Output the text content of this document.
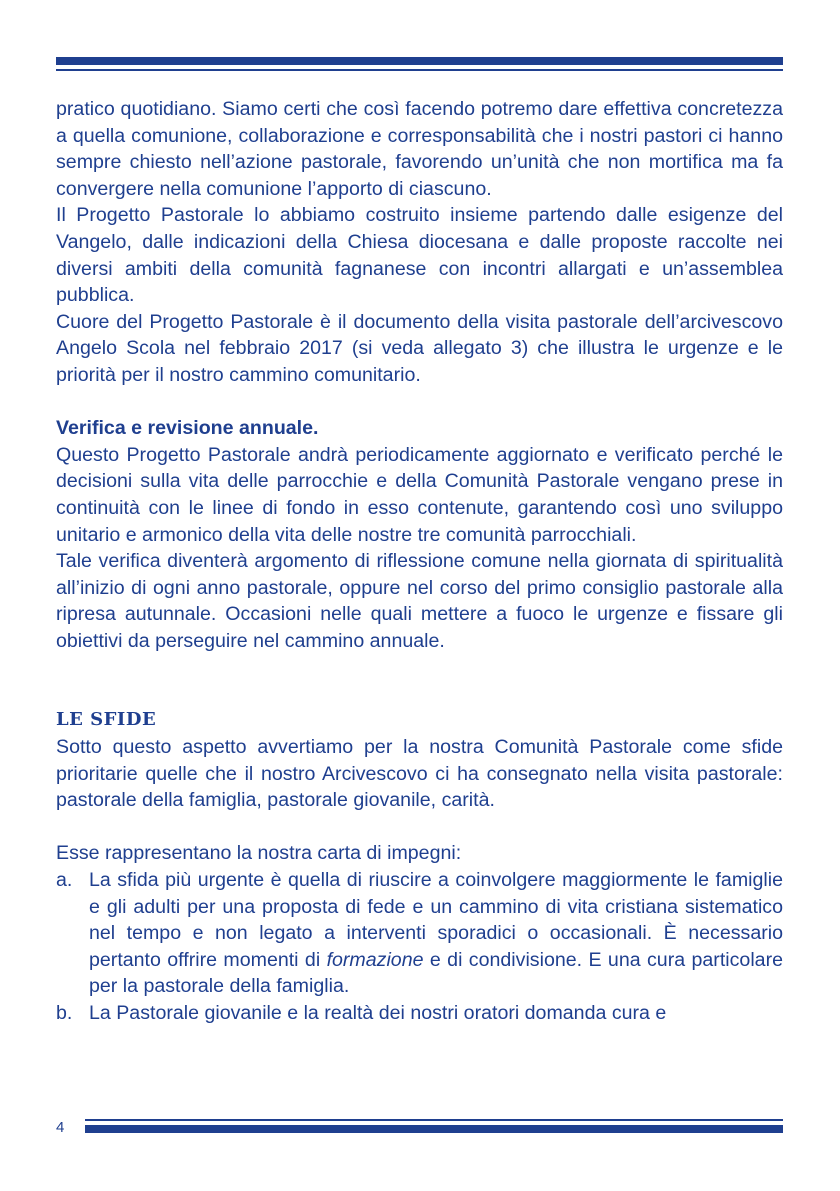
pratico quotidiano. Siamo certi che così facendo potremo dare effettiva concretezza a quella comunione, collaborazione e corresponsabilità che i nostri pastori ci hanno sempre chiesto nell’azione pastorale, favorendo un’unità che non mortifica ma fa convergere nella comunione l’apporto di ciascuno.

Il Progetto Pastorale lo abbiamo costruito insieme partendo dalle esigenze del Vangelo, dalle indicazioni della Chiesa diocesana e dalle proposte raccolte nei diversi ambiti della comunità fagnanese con incontri allargati e un’assemblea pubblica.

Cuore del Progetto Pastorale è il documento della visita pastorale dell’arcivescovo Angelo Scola nel febbraio 2017 (si veda allegato 3) che illustra le urgenze e le priorità per il nostro cammino comunitario.

Verifica e revisione annuale.

Questo Progetto Pastorale andrà periodicamente aggiornato e verificato perché le decisioni sulla vita delle parrocchie e della Comunità Pastorale vengano prese in continuità con le linee di fondo in esso contenute, garantendo così uno sviluppo unitario e armonico della vita delle nostre tre comunità parrocchiali.

Tale verifica diventerà argomento di riflessione comune nella giornata di spiritualità all’inizio di ogni anno pastorale, oppure nel corso del primo consiglio pastorale alla ripresa autunnale. Occasioni nelle quali mettere a fuoco le urgenze e fissare gli obiettivi da perseguire nel cammino annuale.

LE SFIDE

Sotto questo aspetto avvertiamo per la nostra Comunità Pastorale come sfide prioritarie quelle che il nostro Arcivescovo ci ha consegnato nella visita pastorale: pastorale della famiglia, pastorale giovanile, carità.

Esse rappresentano la nostra carta di impegni:

a. La sfida più urgente è quella di riuscire a coinvolgere maggiormente le famiglie e gli adulti per una proposta di fede e un cammino di vita cristiana sistematico nel tempo e non legato a interventi sporadici o occasionali. È necessario pertanto offrire momenti di formazione e di condivisione. E una cura particolare per la pastorale della famiglia.
b. La Pastorale giovanile e la realtà dei nostri oratori domanda cura e
4
